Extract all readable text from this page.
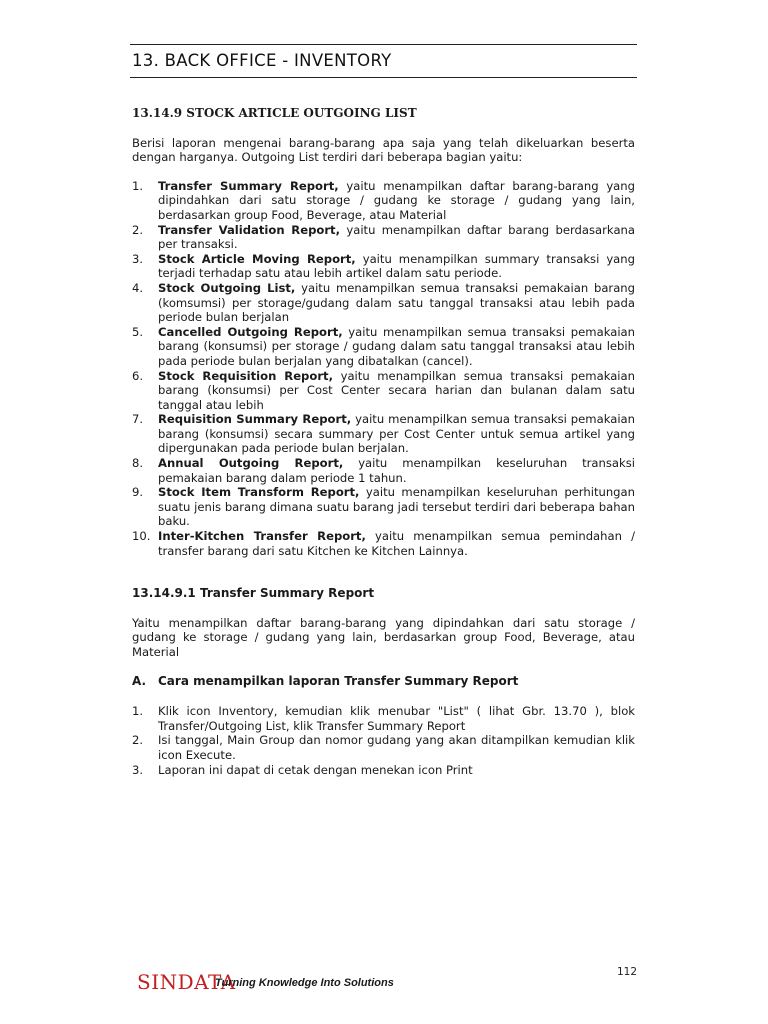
13. BACK OFFICE - INVENTORY
13.14.9 STOCK ARTICLE OUTGOING LIST

Berisi laporan mengenai barang-barang apa saja yang telah dikeluarkan beserta dengan harganya. Outgoing List terdiri dari beberapa bagian yaitu:

1. Transfer Summary Report, yaitu menampilkan daftar barang-barang yang dipindahkan dari satu storage / gudang ke storage / gudang yang lain, berdasarkan group Food, Beverage, atau Material
2. Transfer Validation Report, yaitu menampilkan daftar barang berdasarkana per transaksi.
3. Stock Article Moving Report, yaitu menampilkan summary transaksi yang terjadi terhadap satu atau lebih artikel dalam satu periode.
4. Stock Outgoing List, yaitu menampilkan semua transaksi pemakaian barang (komsumsi) per storage/gudang dalam satu tanggal transaksi atau lebih pada periode bulan berjalan
5. Cancelled Outgoing Report, yaitu menampilkan semua transaksi pemakaian barang (konsumsi) per storage / gudang dalam satu tanggal transaksi atau lebih pada periode bulan berjalan yang dibatalkan (cancel).
6. Stock Requisition Report, yaitu menampilkan semua transaksi pemakaian barang (konsumsi) per Cost Center secara harian dan bulanan dalam satu tanggal atau lebih
7. Requisition Summary Report, yaitu menampilkan semua transaksi pemakaian barang (konsumsi) secara summary per Cost Center untuk semua artikel yang dipergunakan pada periode bulan berjalan.
8. Annual Outgoing Report, yaitu menampilkan keseluruhan transaksi pemakaian barang dalam periode 1 tahun.
9. Stock Item Transform Report, yaitu menampilkan keseluruhan perhitungan suatu jenis barang dimana suatu barang jadi tersebut terdiri dari beberapa bahan baku.
10. Inter-Kitchen Transfer Report, yaitu menampilkan semua pemindahan / transfer barang dari satu Kitchen ke Kitchen Lainnya.
13.14.9.1 Transfer Summary Report

Yaitu menampilkan daftar barang-barang yang dipindahkan dari satu storage / gudang ke storage / gudang yang lain, berdasarkan group Food, Beverage, atau Material

A. Cara menampilkan laporan Transfer Summary Report
1. Klik icon Inventory, kemudian klik menubar "List" ( lihat Gbr. 13.70 ), blok Transfer/Outgoing List, klik Transfer Summary Report
2. Isi tanggal, Main Group dan nomor gudang yang akan ditampilkan kemudian klik icon Execute.
3. Laporan ini dapat di cetak dengan menekan icon Print
SINDATA
Turning Knowledge Into Solutions
112
